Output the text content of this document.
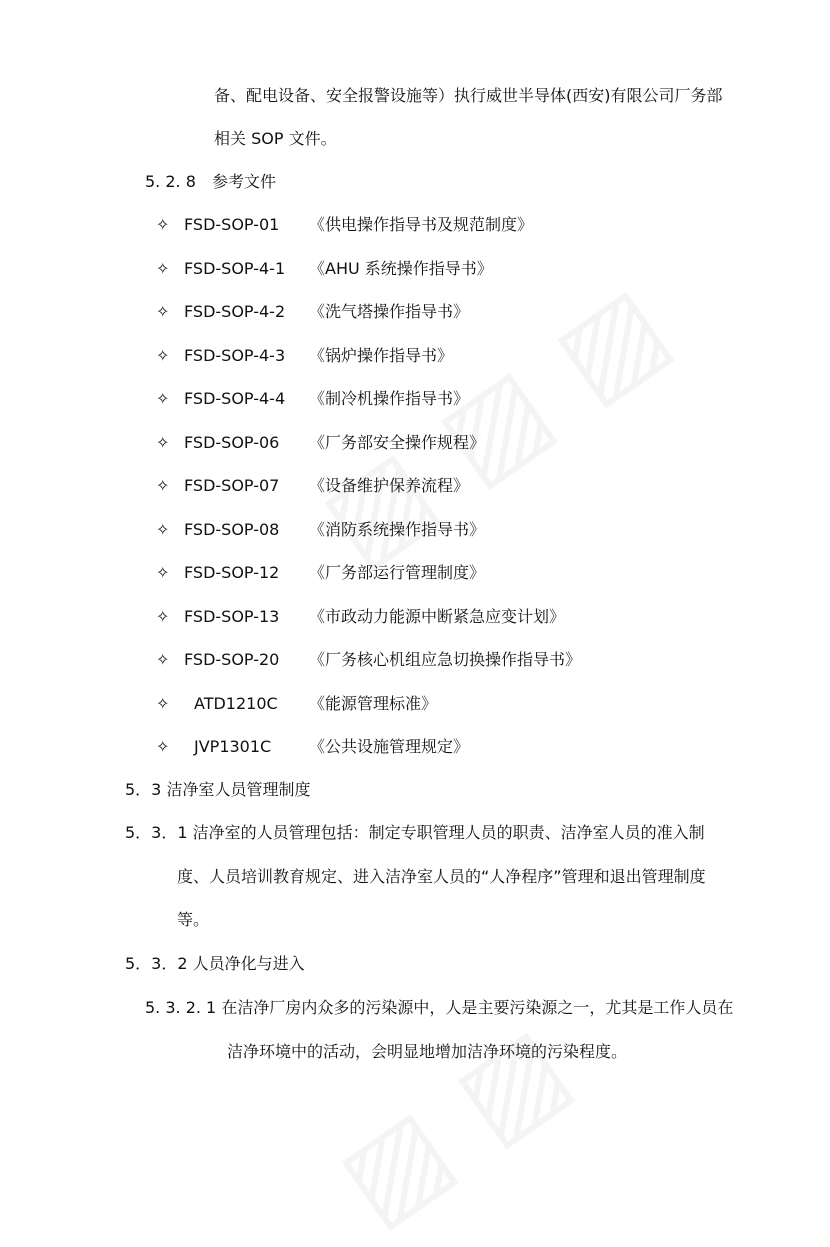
备、配电设备、安全报警设施等）执行威世半导体(西安)有限公司厂务部
相关 SOP 文件。
5. 2. 8 参考文件
✧ FSD-SOP-01 《供电操作指导书及规范制度》
✧ FSD-SOP-4-1 《AHU 系统操作指导书》
✧ FSD-SOP-4-2 《洗气塔操作指导书》
✧ FSD-SOP-4-3 《锅炉操作指导书》
✧ FSD-SOP-4-4 《制冷机操作指导书》
✧ FSD-SOP-06 《厂务部安全操作规程》
✧ FSD-SOP-07 《设备维护保养流程》
✧ FSD-SOP-08 《消防系统操作指导书》
✧ FSD-SOP-12 《厂务部运行管理制度》
✧ FSD-SOP-13 《市政动力能源中断紧急应变计划》
✧ FSD-SOP-20 《厂务核心机组应急切换操作指导书》
✧ ATD1210C 《能源管理标准》
✧ JVP1301C 《公共设施管理规定》
5．3 洁净室人员管理制度
5．3．1 洁净室的人员管理包括：制定专职管理人员的职责、洁净室人员的准入制
度、人员培训教育规定、进入洁净室人员的“人净程序”管理和退出管理制度
等。
5．3．2 人员净化与进入
5. 3. 2. 1 在洁净厂房内众多的污染源中，人是主要污染源之一，尤其是工作人员在
洁净环境中的活动，会明显地增加洁净环境的污染程度。
